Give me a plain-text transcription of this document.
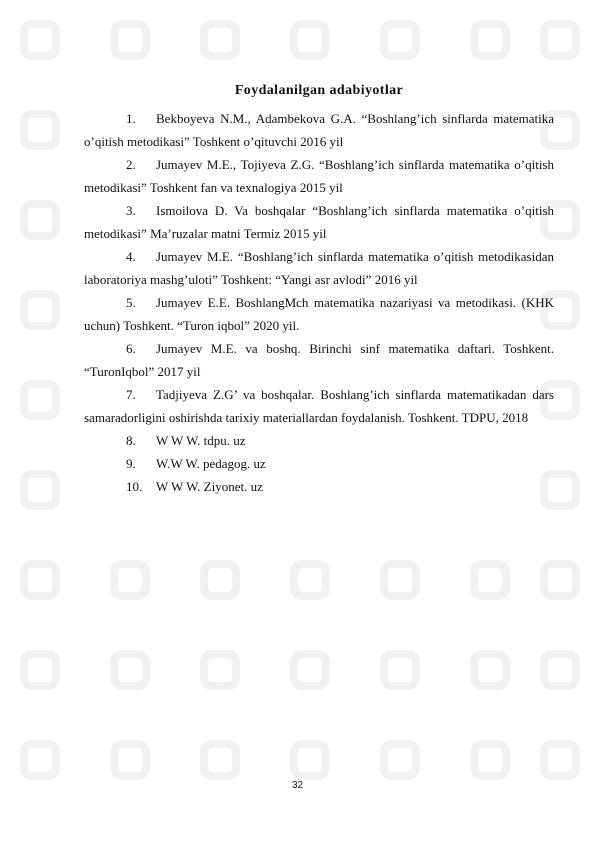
Foydalanilgan adabiyotlar
1. Bekboyeva N.M., Adambekova G.A. “Boshlang’ich sinflarda matematika o’qitish metodikasi” Toshkent o’qituvchi 2016 yil
2. Jumayev M.E., Tojiyeva Z.G. “Boshlang’ich sinflarda matematika o’qitish metodikasi” Toshkent fan va texnalogiya 2015 yil
3. Ismoilova D. Va boshqalar “Boshlang’ich sinflarda matematika o’qitish metodikasi” Ma’ruzalar matni Termiz 2015 yil
4. Jumayev M.E. “Boshlang’ich sinflarda matematika o’qitish metodikasidan laboratoriya mashg’uloti” Toshkent: “Yangi asr avlodi” 2016 yil
5. Jumayev E.E. BoshlangMch matematika nazariyasi va metodikasi. (KHK uchun) Toshkent. “Turon iqbol” 2020 yil.
6. Jumayev M.E. va boshq. Birinchi sinf matematika daftari. Toshkent. “TuronIqbol” 2017 yil
7. Tadjiyeva Z.G’ va boshqalar. Boshlang’ich sinflarda matematikadan dars samaradorligini oshirishda tarixiy materiallardan foydalanish. Toshkent. TDPU, 2018
8. W W W. tdpu. uz
9. W.W W. pedagog. uz
10. W W W. Ziyonet. uz
32
